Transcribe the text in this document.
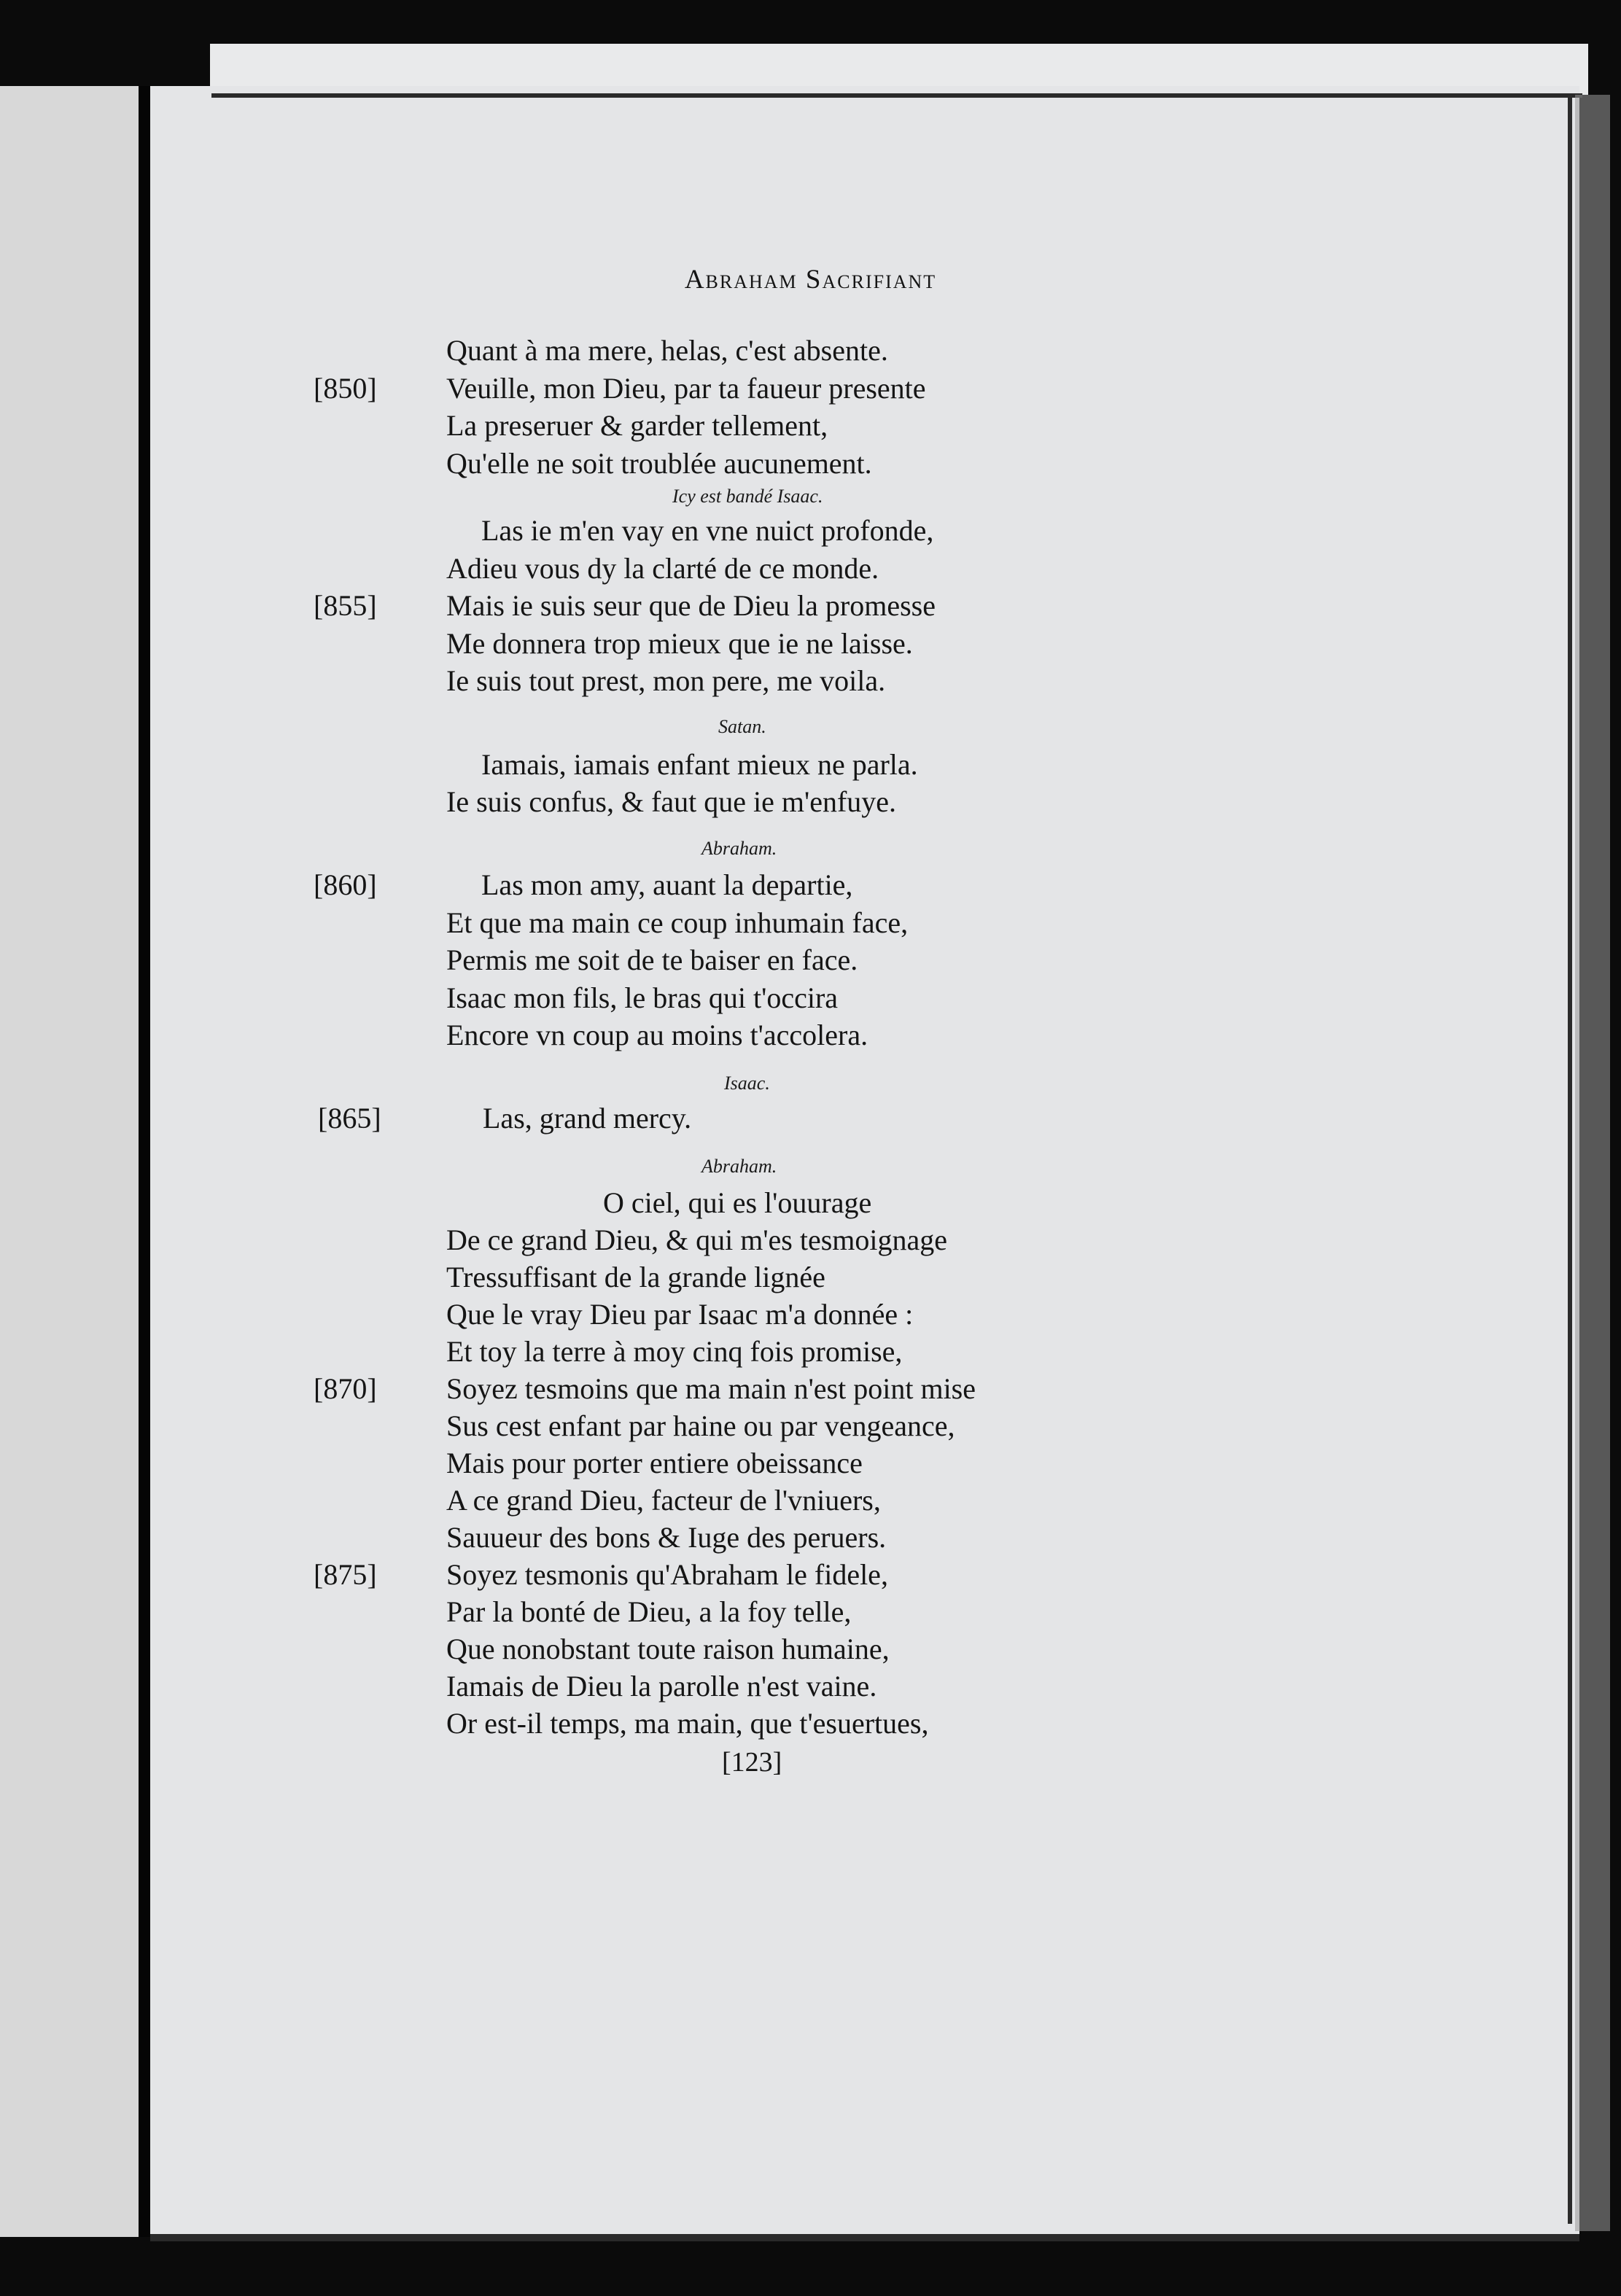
Abraham Sacrifiant
Quant à ma mere, helas, c'est absente.
Veuille, mon Dieu, par ta faueur presente
La preseruer & garder tellement,
Qu'elle ne soit troublée aucunement.
Icy est bandé Isaac.
Las ie m'en vay en vne nuict profonde,
Adieu vous dy la clarté de ce monde.
Mais ie suis seur que de Dieu la promesse
Me donnera trop mieux que ie ne laisse.
Ie suis tout prest, mon pere, me voila.
Satan.
Iamais, iamais enfant mieux ne parla.
Ie suis confus, & faut que ie m'enfuye.
Abraham.
Las mon amy, auant la departie,
Et que ma main ce coup inhumain face,
Permis me soit de te baiser en face.
Isaac mon fils, le bras qui t'occira
Encore vn coup au moins t'accolera.
Isaac.
Las, grand mercy.
Abraham.
O ciel, qui es l'ouurage
De ce grand Dieu, & qui m'es tesmoignage
Tressuffisant de la grande lignée
Que le vray Dieu par Isaac m'a donnée :
Et toy la terre à moy cinq fois promise,
Soyez tesmoins que ma main n'est point mise
Sus cest enfant par haine ou par vengeance,
Mais pour porter entiere obeissance
A ce grand Dieu, facteur de l'vniuers,
Sauueur des bons & Iuge des peruers.
Soyez tesmonis qu'Abraham le fidele,
Par la bonté de Dieu, a la foy telle,
Que nonobstant toute raison humaine,
Iamais de Dieu la parolle n'est vaine.
Or est-il temps, ma main, que t'esuertues,
[850]
[855]
[860]
[865]
[870]
[875]
[123]
